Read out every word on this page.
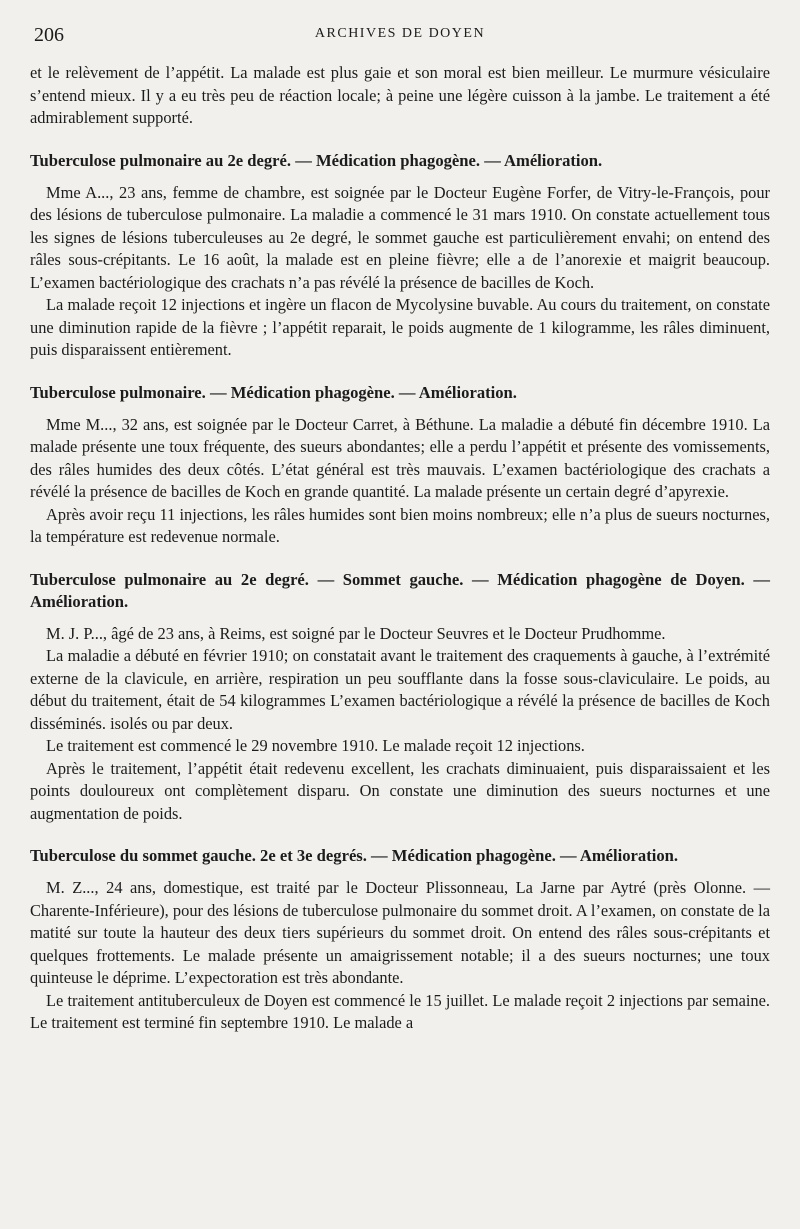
206	ARCHIVES DE DOYEN

et le relèvement de l’appétit. La malade est plus gaie et son moral est bien meilleur. Le murmure vésiculaire s’entend mieux. Il y a eu très peu de réaction locale; à peine une légère cuisson à la jambe. Le traitement a été admirablement supporté.

Tuberculose pulmonaire au 2e degré. — Médication phagogène. — Amélioration.

Mme A..., 23 ans, femme de chambre, est soignée par le Docteur Eugène Forfer, de Vitry-le-François, pour des lésions de tuberculose pulmonaire. La maladie a commencé le 31 mars 1910. On constate actuellement tous les signes de lésions tuberculeuses au 2e degré, le sommet gauche est particulièrement envahi; on entend des râles sous-crépitants. Le 16 août, la malade est en pleine fièvre; elle a de l’anorexie et maigrit beaucoup. L’examen bactériologique des crachats n’a pas révélé la présence de bacilles de Koch.

La malade reçoit 12 injections et ingère un flacon de Mycolysine buvable. Au cours du traitement, on constate une diminution rapide de la fièvre ; l’appétit reparait, le poids augmente de 1 kilogramme, les râles diminuent, puis disparaissent entièrement.

Tuberculose pulmonaire. — Médication phagogène. — Amélioration.

Mme M..., 32 ans, est soignée par le Docteur Carret, à Béthune. La maladie a débuté fin décembre 1910. La malade présente une toux fréquente, des sueurs abondantes; elle a perdu l’appétit et présente des vomissements, des râles humides des deux côtés. L’état général est très mauvais. L’examen bactériologique des crachats a révélé la présence de bacilles de Koch en grande quantité. La malade présente un certain degré d’apyrexie.

Après avoir reçu 11 injections, les râles humides sont bien moins nombreux; elle n’a plus de sueurs nocturnes, la température est redevenue normale.

Tuberculose pulmonaire au 2e degré. — Sommet gauche. — Médication phagogène de Doyen. — Amélioration.

M. J. P..., âgé de 23 ans, à Reims, est soigné par le Docteur Seuvres et le Docteur Prudhomme.

La maladie a débuté en février 1910; on constatait avant le traitement des craquements à gauche, à l’extrémité externe de la clavicule, en arrière, respiration un peu soufflante dans la fosse sous-claviculaire. Le poids, au début du traitement, était de 54 kilogrammes L’examen bactériologique a révélé la présence de bacilles de Koch disséminés. isolés ou par deux.

Le traitement est commencé le 29 novembre 1910. Le malade reçoit 12 injections.

Après le traitement, l’appétit était redevenu excellent, les crachats diminuaient, puis disparaissaient et les points douloureux ont complètement disparu. On constate une diminution des sueurs nocturnes et une augmentation de poids.

Tuberculose du sommet gauche. 2e et 3e degrés. — Médication phagogène. — Amélioration.

M. Z..., 24 ans, domestique, est traité par le Docteur Plissonneau, La Jarne par Aytré (près Olonne. — Charente-Inférieure), pour des lésions de tuberculose pulmonaire du sommet droit. A l’examen, on constate de la matité sur toute la hauteur des deux tiers supérieurs du sommet droit. On entend des râles sous-crépitants et quelques frottements. Le malade présente un amaigrissement notable; il a des sueurs nocturnes; une toux quinteuse le déprime. L’expectoration est très abondante.

Le traitement antituberculeux de Doyen est commencé le 15 juillet. Le malade reçoit 2 injections par semaine. Le traitement est terminé fin septembre 1910. Le malade a
